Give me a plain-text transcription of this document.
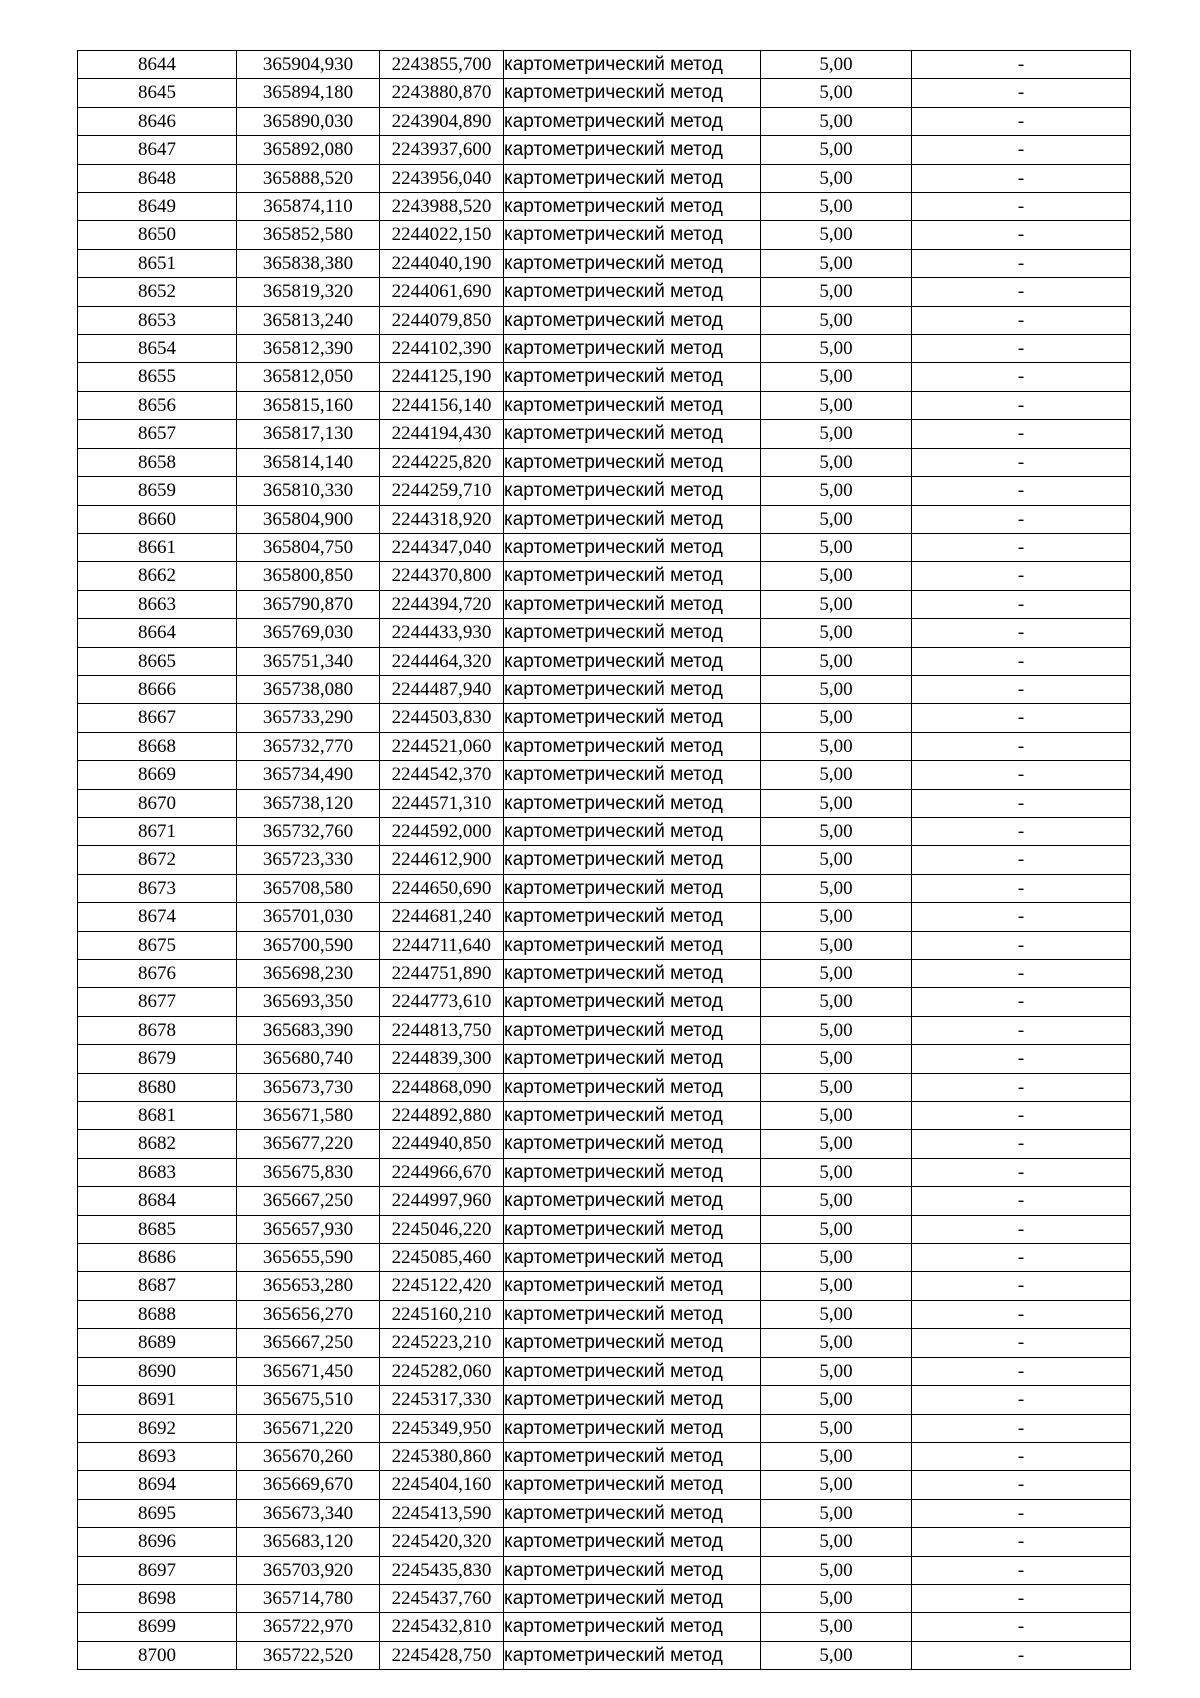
8644	365904,930	2243855,700	картометрический метод	5,00	-
8645	365894,180	2243880,870	картометрический метод	5,00	-
8646	365890,030	2243904,890	картометрический метод	5,00	-
8647	365892,080	2243937,600	картометрический метод	5,00	-
8648	365888,520	2243956,040	картометрический метод	5,00	-
8649	365874,110	2243988,520	картометрический метод	5,00	-
8650	365852,580	2244022,150	картометрический метод	5,00	-
8651	365838,380	2244040,190	картометрический метод	5,00	-
8652	365819,320	2244061,690	картометрический метод	5,00	-
8653	365813,240	2244079,850	картометрический метод	5,00	-
8654	365812,390	2244102,390	картометрический метод	5,00	-
8655	365812,050	2244125,190	картометрический метод	5,00	-
8656	365815,160	2244156,140	картометрический метод	5,00	-
8657	365817,130	2244194,430	картометрический метод	5,00	-
8658	365814,140	2244225,820	картометрический метод	5,00	-
8659	365810,330	2244259,710	картометрический метод	5,00	-
8660	365804,900	2244318,920	картометрический метод	5,00	-
8661	365804,750	2244347,040	картометрический метод	5,00	-
8662	365800,850	2244370,800	картометрический метод	5,00	-
8663	365790,870	2244394,720	картометрический метод	5,00	-
8664	365769,030	2244433,930	картометрический метод	5,00	-
8665	365751,340	2244464,320	картометрический метод	5,00	-
8666	365738,080	2244487,940	картометрический метод	5,00	-
8667	365733,290	2244503,830	картометрический метод	5,00	-
8668	365732,770	2244521,060	картометрический метод	5,00	-
8669	365734,490	2244542,370	картометрический метод	5,00	-
8670	365738,120	2244571,310	картометрический метод	5,00	-
8671	365732,760	2244592,000	картометрический метод	5,00	-
8672	365723,330	2244612,900	картометрический метод	5,00	-
8673	365708,580	2244650,690	картометрический метод	5,00	-
8674	365701,030	2244681,240	картометрический метод	5,00	-
8675	365700,590	2244711,640	картометрический метод	5,00	-
8676	365698,230	2244751,890	картометрический метод	5,00	-
8677	365693,350	2244773,610	картометрический метод	5,00	-
8678	365683,390	2244813,750	картометрический метод	5,00	-
8679	365680,740	2244839,300	картометрический метод	5,00	-
8680	365673,730	2244868,090	картометрический метод	5,00	-
8681	365671,580	2244892,880	картометрический метод	5,00	-
8682	365677,220	2244940,850	картометрический метод	5,00	-
8683	365675,830	2244966,670	картометрический метод	5,00	-
8684	365667,250	2244997,960	картометрический метод	5,00	-
8685	365657,930	2245046,220	картометрический метод	5,00	-
8686	365655,590	2245085,460	картометрический метод	5,00	-
8687	365653,280	2245122,420	картометрический метод	5,00	-
8688	365656,270	2245160,210	картометрический метод	5,00	-
8689	365667,250	2245223,210	картометрический метод	5,00	-
8690	365671,450	2245282,060	картометрический метод	5,00	-
8691	365675,510	2245317,330	картометрический метод	5,00	-
8692	365671,220	2245349,950	картометрический метод	5,00	-
8693	365670,260	2245380,860	картометрический метод	5,00	-
8694	365669,670	2245404,160	картометрический метод	5,00	-
8695	365673,340	2245413,590	картометрический метод	5,00	-
8696	365683,120	2245420,320	картометрический метод	5,00	-
8697	365703,920	2245435,830	картометрический метод	5,00	-
8698	365714,780	2245437,760	картометрический метод	5,00	-
8699	365722,970	2245432,810	картометрический метод	5,00	-
8700	365722,520	2245428,750	картометрический метод	5,00	-
